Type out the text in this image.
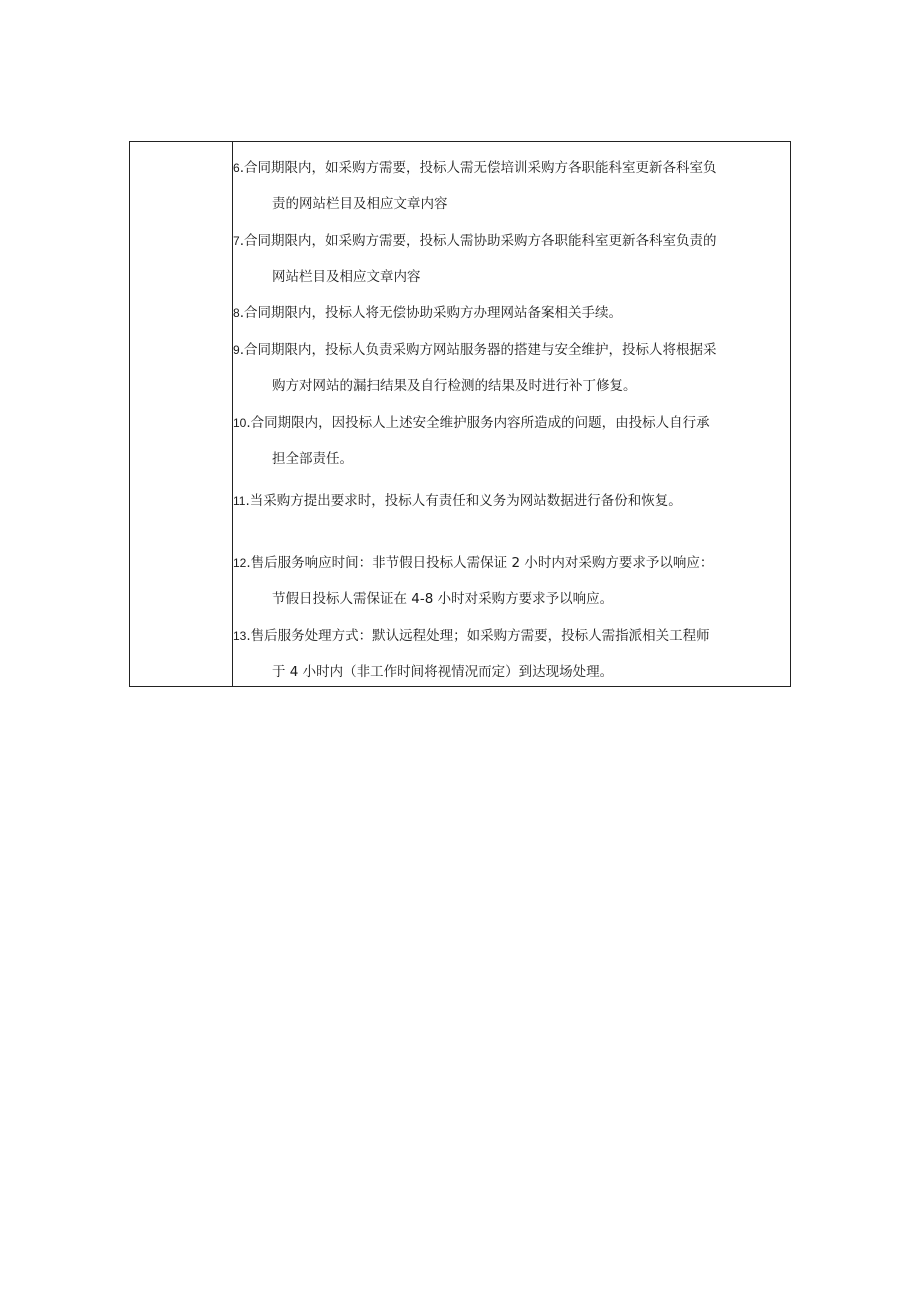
6.合同期限内，如采购方需要，投标人需无偿培训采购方各职能科室更新各科室负
责的网站栏目及相应文章内容
7.合同期限内，如采购方需要，投标人需协助采购方各职能科室更新各科室负责的
网站栏目及相应文章内容
8.合同期限内，投标人将无偿协助采购方办理网站备案相关手续。
9.合同期限内，投标人负责采购方网站服务器的搭建与安全维护，投标人将根据采
购方对网站的漏扫结果及自行检测的结果及时进行补丁修复。
10.合同期限内，因投标人上述安全维护服务内容所造成的问题，由投标人自行承
担全部责任。
11.当采购方提出要求时，投标人有责任和义务为网站数据进行备份和恢复。
12.售后服务响应时间：非节假日投标人需保证 2 小时内对采购方要求予以响应：
节假日投标人需保证在 4-8 小时对采购方要求予以响应。
13.售后服务处理方式：默认远程处理；如采购方需要，投标人需指派相关工程师
于 4 小时内（非工作时间将视情况而定）到达现场处理。
